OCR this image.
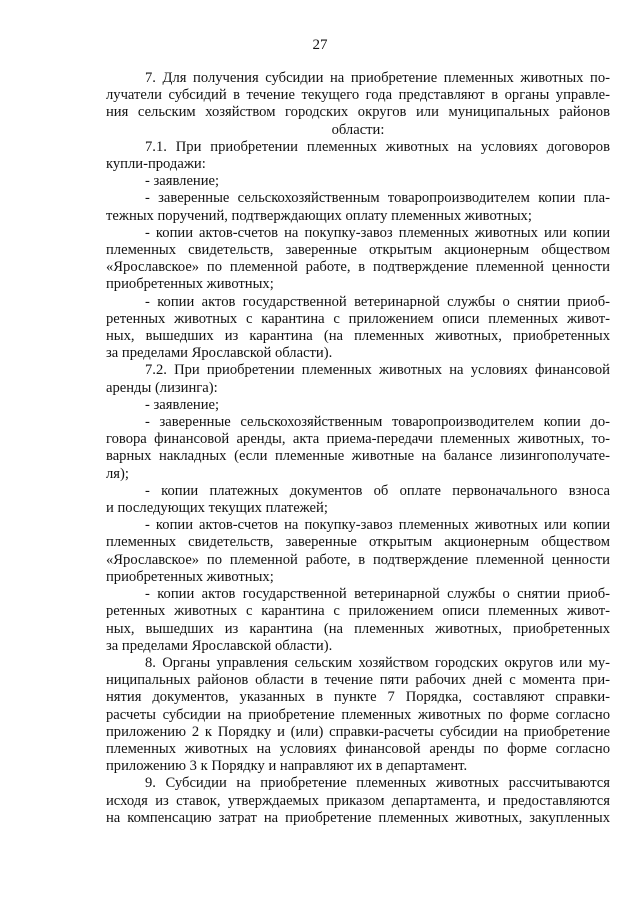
27
7. Для получения субсидии на приобретение племенных животных по-
лучатели субсидий в течение текущего года представляют в органы управле-
ния сельским хозяйством городских округов или муниципальных районов
области:
7.1. При приобретении племенных животных на условиях договоров
купли-продажи:
- заявление;
- заверенные сельскохозяйственным товаропроизводителем копии пла-
тежных поручений, подтверждающих оплату племенных животных;
- копии актов-счетов на покупку-завоз племенных животных или копии
племенных свидетельств, заверенные открытым акционерным обществом
«Ярославское» по племенной работе, в подтверждение племенной ценности
приобретенных животных;
- копии актов государственной ветеринарной службы о снятии приоб-
ретенных животных с карантина с приложением описи племенных живот-
ных, вышедших из карантина (на племенных животных, приобретенных
за пределами Ярославской области).
7.2. При приобретении племенных животных на условиях финансовой
аренды (лизинга):
- заявление;
- заверенные сельскохозяйственным товаропроизводителем копии до-
говора финансовой аренды, акта приема-передачи племенных животных, то-
варных накладных (если племенные животные на балансе лизингополучате-
ля);
- копии платежных документов об оплате первоначального взноса
и последующих текущих платежей;
- копии актов-счетов на покупку-завоз племенных животных или копии
племенных свидетельств, заверенные открытым акционерным обществом
«Ярославское» по племенной работе, в подтверждение племенной ценности
приобретенных животных;
- копии актов государственной ветеринарной службы о снятии приоб-
ретенных животных с карантина с приложением описи племенных живот-
ных, вышедших из карантина (на племенных животных, приобретенных
за пределами Ярославской области).
8. Органы управления сельским хозяйством городских округов или му-
ниципальных районов области в течение пяти рабочих дней с момента при-
нятия документов, указанных в пункте 7 Порядка, составляют справки-
расчеты субсидии на приобретение племенных животных по форме согласно
приложению 2 к Порядку и (или) справки-расчеты субсидии на приобретение
племенных животных на условиях финансовой аренды по форме согласно
приложению 3 к Порядку и направляют их в департамент.
9. Субсидии на приобретение племенных животных рассчитываются
исходя из ставок, утверждаемых приказом департамента, и предоставляются
на компенсацию затрат на приобретение племенных животных, закупленных
